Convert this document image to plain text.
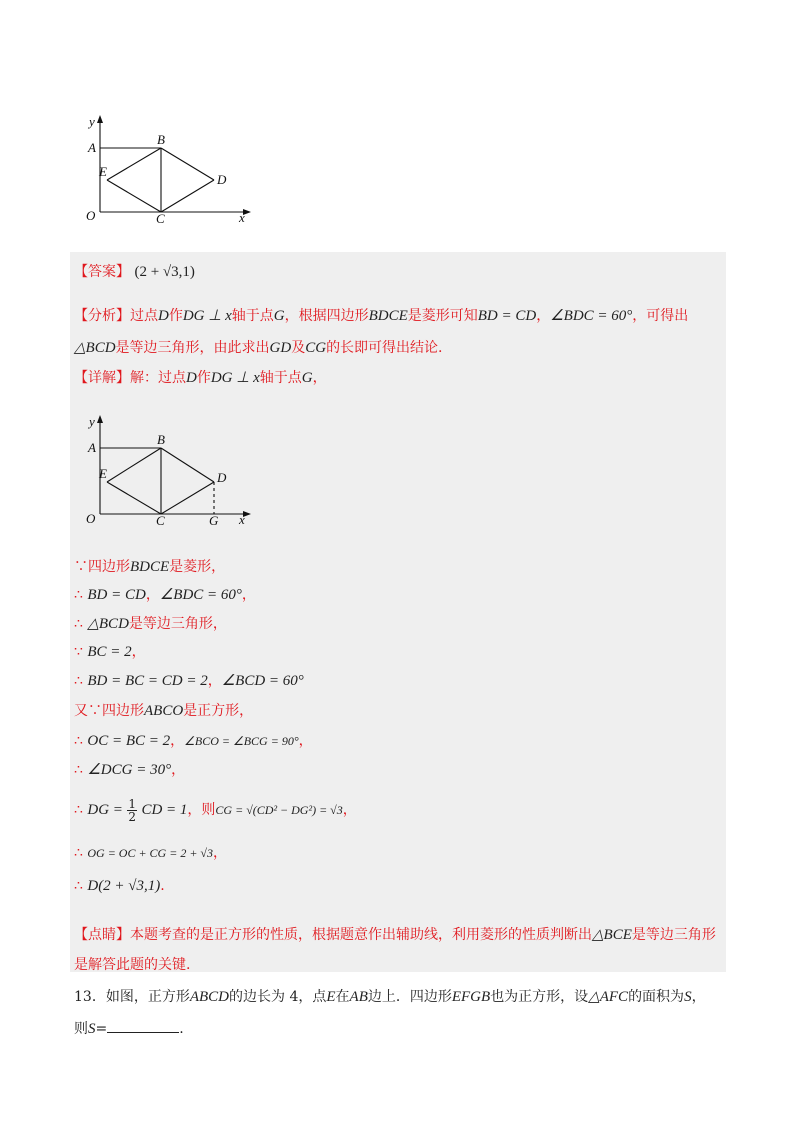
y
A
B
E
D
O	C	x
【答案】 (2 + √3,1)
【分析】过点D作DG ⊥ x轴于点G，根据四边形BDCE是菱形可知BD = CD，∠BDC = 60°，可得出
△BCD是等边三角形，由此求出GD及CG的长即可得出结论.
【详解】解：过点D作DG ⊥ x轴于点G，
y
A
B
E	D
O	C	G x
∵四边形BDCE是菱形，
∴ BD = CD，∠BDC = 60°，
∴ △BCD是等边三角形，
∵ BC = 2，
∴ BD = BC = CD = 2，∠BCD = 60°
又∵四边形ABCO是正方形，
∴ OC = BC = 2，∠BCO = ∠BCG = 90°，
∴ ∠DCG = 30°，
∴ DG = $\frac{1}{2}$ CD = 1，则CG = √(CD² − DG²) = √3，
∴ OG = OC + CG = 2 + √3，
∴ D(2 + √3,1).
【点睛】本题考查的是正方形的性质，根据题意作出辅助线，利用菱形的性质判断出△BCE是等边三角形
是解答此题的关键.
13．如图，正方形ABCD的边长为 4，点E在AB边上．四边形EFGB也为正方形，设△AFC的面积为S，
则S=	.
